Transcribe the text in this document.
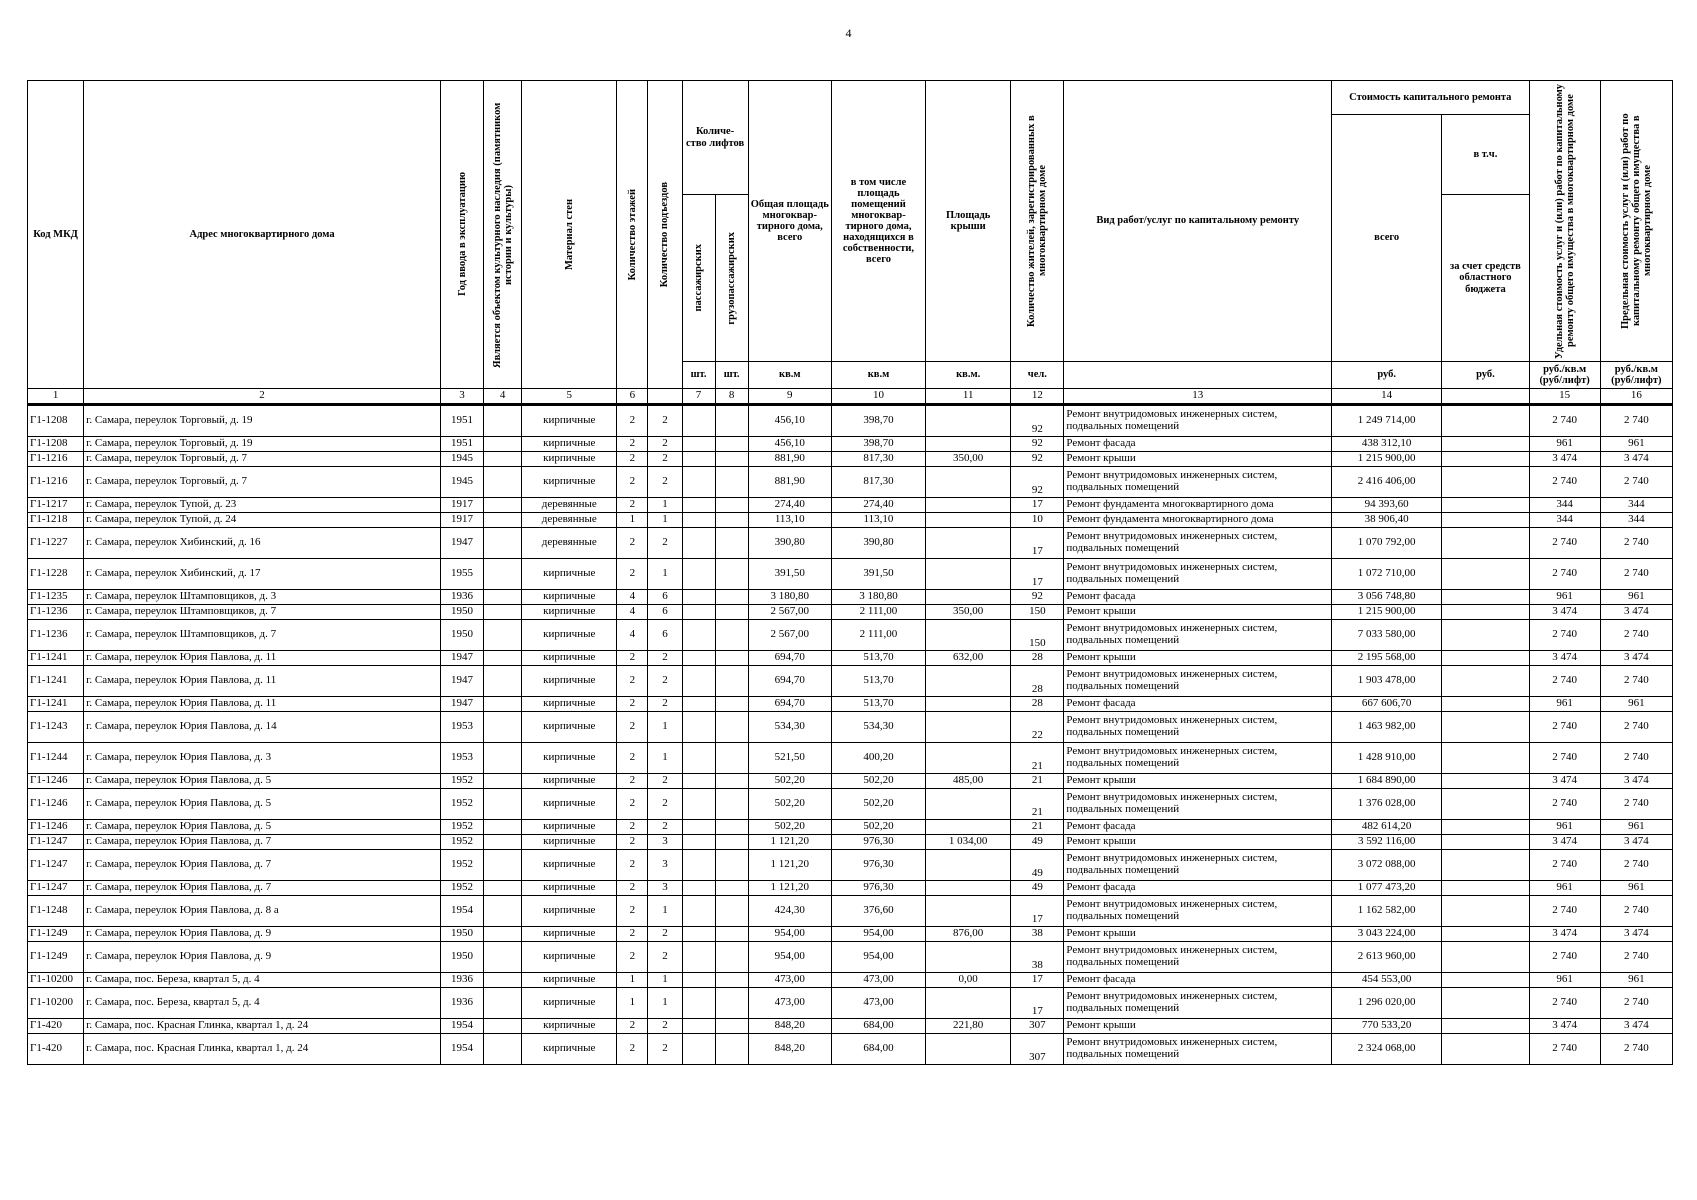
4
Код МКД	Адрес многоквартирного дома	Год ввода в эксплуатацию	Является объектом культурного наследия (памятником истории и культуры)	Материал стен	Количество этажей	Количество подъездов	Количе- ство лифтов		Общая площадь многоквар- тирного дома, всего	в том числе площадь помещений многоквар- тирного дома, находящихся в собственности, всего	Площадь крыши	Количество жителей, зарегистрированных в многоквартирном доме	Вид работ/услуг по капитальному ремонту	Стоимость капитального ремонта		Удельная стоимость услуг и (или) работ по капитальному ремонту общего имущества в многоквартирном доме	Предельная стоимость услуг и (или) работ по капитальному ремонту общего имущества в многоквартирном доме

														всего	в т.ч.		

							пассажирских	грузопассажирских							за счет средств областного бюджета		
							шт.	шт.	кв.м	кв.м	кв.м.	чел.		руб.	руб.	руб./кв.м (руб/лифт)	руб./кв.м (руб/лифт)
1	2	3	4	5	6		7	8	9	10	11	12	13	14		15	16
Г1-1208	г. Самара, переулок Торговый, д. 19	1951		кирпичные	2	2			456,10	398,70		92	Ремонт внутридомовых инженерных систем, подвальных помещений	1 249 714,00		2 740	2 740
Г1-1208	г. Самара, переулок Торговый, д. 19	1951		кирпичные	2	2			456,10	398,70		92	Ремонт фасада	438 312,10		961	961
Г1-1216	г. Самара, переулок Торговый, д. 7	1945		кирпичные	2	2			881,90	817,30	350,00	92	Ремонт крыши	1 215 900,00		3 474	3 474
Г1-1216	г. Самара, переулок Торговый, д. 7	1945		кирпичные	2	2			881,90	817,30		92	Ремонт внутридомовых инженерных систем, подвальных помещений	2 416 406,00		2 740	2 740
Г1-1217	г. Самара, переулок Тупой, д. 23	1917		деревянные	2	1			274,40	274,40		17	Ремонт фундамента многоквартирного дома	94 393,60		344	344
Г1-1218	г. Самара, переулок Тупой, д. 24	1917		деревянные	1	1			113,10	113,10		10	Ремонт фундамента многоквартирного дома	38 906,40		344	344
Г1-1227	г. Самара, переулок Хибинский, д. 16	1947		деревянные	2	2			390,80	390,80		17	Ремонт внутридомовых инженерных систем, подвальных помещений	1 070 792,00		2 740	2 740
Г1-1228	г. Самара, переулок Хибинский, д. 17	1955		кирпичные	2	1			391,50	391,50		17	Ремонт внутридомовых инженерных систем, подвальных помещений	1 072 710,00		2 740	2 740
Г1-1235	г. Самара, переулок Штамповщиков, д. 3	1936		кирпичные	4	6			3 180,80	3 180,80		92	Ремонт фасада	3 056 748,80		961	961
Г1-1236	г. Самара, переулок Штамповщиков, д. 7	1950		кирпичные	4	6			2 567,00	2 111,00	350,00	150	Ремонт крыши	1 215 900,00		3 474	3 474
Г1-1236	г. Самара, переулок Штамповщиков, д. 7	1950		кирпичные	4	6			2 567,00	2 111,00		150	Ремонт внутридомовых инженерных систем, подвальных помещений	7 033 580,00		2 740	2 740
Г1-1241	г. Самара, переулок Юрия Павлова, д. 11	1947		кирпичные	2	2			694,70	513,70	632,00	28	Ремонт крыши	2 195 568,00		3 474	3 474
Г1-1241	г. Самара, переулок Юрия Павлова, д. 11	1947		кирпичные	2	2			694,70	513,70		28	Ремонт внутридомовых инженерных систем, подвальных помещений	1 903 478,00		2 740	2 740
Г1-1241	г. Самара, переулок Юрия Павлова, д. 11	1947		кирпичные	2	2			694,70	513,70		28	Ремонт фасада	667 606,70		961	961
Г1-1243	г. Самара, переулок Юрия Павлова, д. 14	1953		кирпичные	2	1			534,30	534,30		22	Ремонт внутридомовых инженерных систем, подвальных помещений	1 463 982,00		2 740	2 740
Г1-1244	г. Самара, переулок Юрия Павлова, д. 3	1953		кирпичные	2	1			521,50	400,20		21	Ремонт внутридомовых инженерных систем, подвальных помещений	1 428 910,00		2 740	2 740
Г1-1246	г. Самара, переулок Юрия Павлова, д. 5	1952		кирпичные	2	2			502,20	502,20	485,00	21	Ремонт крыши	1 684 890,00		3 474	3 474
Г1-1246	г. Самара, переулок Юрия Павлова, д. 5	1952		кирпичные	2	2			502,20	502,20		21	Ремонт внутридомовых инженерных систем, подвальных помещений	1 376 028,00		2 740	2 740
Г1-1246	г. Самара, переулок Юрия Павлова, д. 5	1952		кирпичные	2	2			502,20	502,20		21	Ремонт фасада	482 614,20		961	961
Г1-1247	г. Самара, переулок Юрия Павлова, д. 7	1952		кирпичные	2	3			1 121,20	976,30	1 034,00	49	Ремонт крыши	3 592 116,00		3 474	3 474
Г1-1247	г. Самара, переулок Юрия Павлова, д. 7	1952		кирпичные	2	3			1 121,20	976,30		49	Ремонт внутридомовых инженерных систем, подвальных помещений	3 072 088,00		2 740	2 740
Г1-1247	г. Самара, переулок Юрия Павлова, д. 7	1952		кирпичные	2	3			1 121,20	976,30		49	Ремонт фасада	1 077 473,20		961	961
Г1-1248	г. Самара, переулок Юрия Павлова, д. 8 а	1954		кирпичные	2	1			424,30	376,60		17	Ремонт внутридомовых инженерных систем, подвальных помещений	1 162 582,00		2 740	2 740
Г1-1249	г. Самара, переулок Юрия Павлова, д. 9	1950		кирпичные	2	2			954,00	954,00	876,00	38	Ремонт крыши	3 043 224,00		3 474	3 474
Г1-1249	г. Самара, переулок Юрия Павлова, д. 9	1950		кирпичные	2	2			954,00	954,00		38	Ремонт внутридомовых инженерных систем, подвальных помещений	2 613 960,00		2 740	2 740
Г1-10200	г. Самара, пос. Береза, квартал 5, д. 4	1936		кирпичные	1	1			473,00	473,00	0,00	17	Ремонт фасада	454 553,00		961	961
Г1-10200	г. Самара, пос. Береза, квартал 5, д. 4	1936		кирпичные	1	1			473,00	473,00		17	Ремонт внутридомовых инженерных систем, подвальных помещений	1 296 020,00		2 740	2 740
Г1-420	г. Самара, пос. Красная Глинка, квартал 1, д. 24	1954		кирпичные	2	2			848,20	684,00	221,80	307	Ремонт крыши	770 533,20		3 474	3 474
Г1-420	г. Самара, пос. Красная Глинка, квартал 1, д. 24	1954		кирпичные	2	2			848,20	684,00		307	Ремонт внутридомовых инженерных систем, подвальных помещений	2 324 068,00		2 740	2 740
